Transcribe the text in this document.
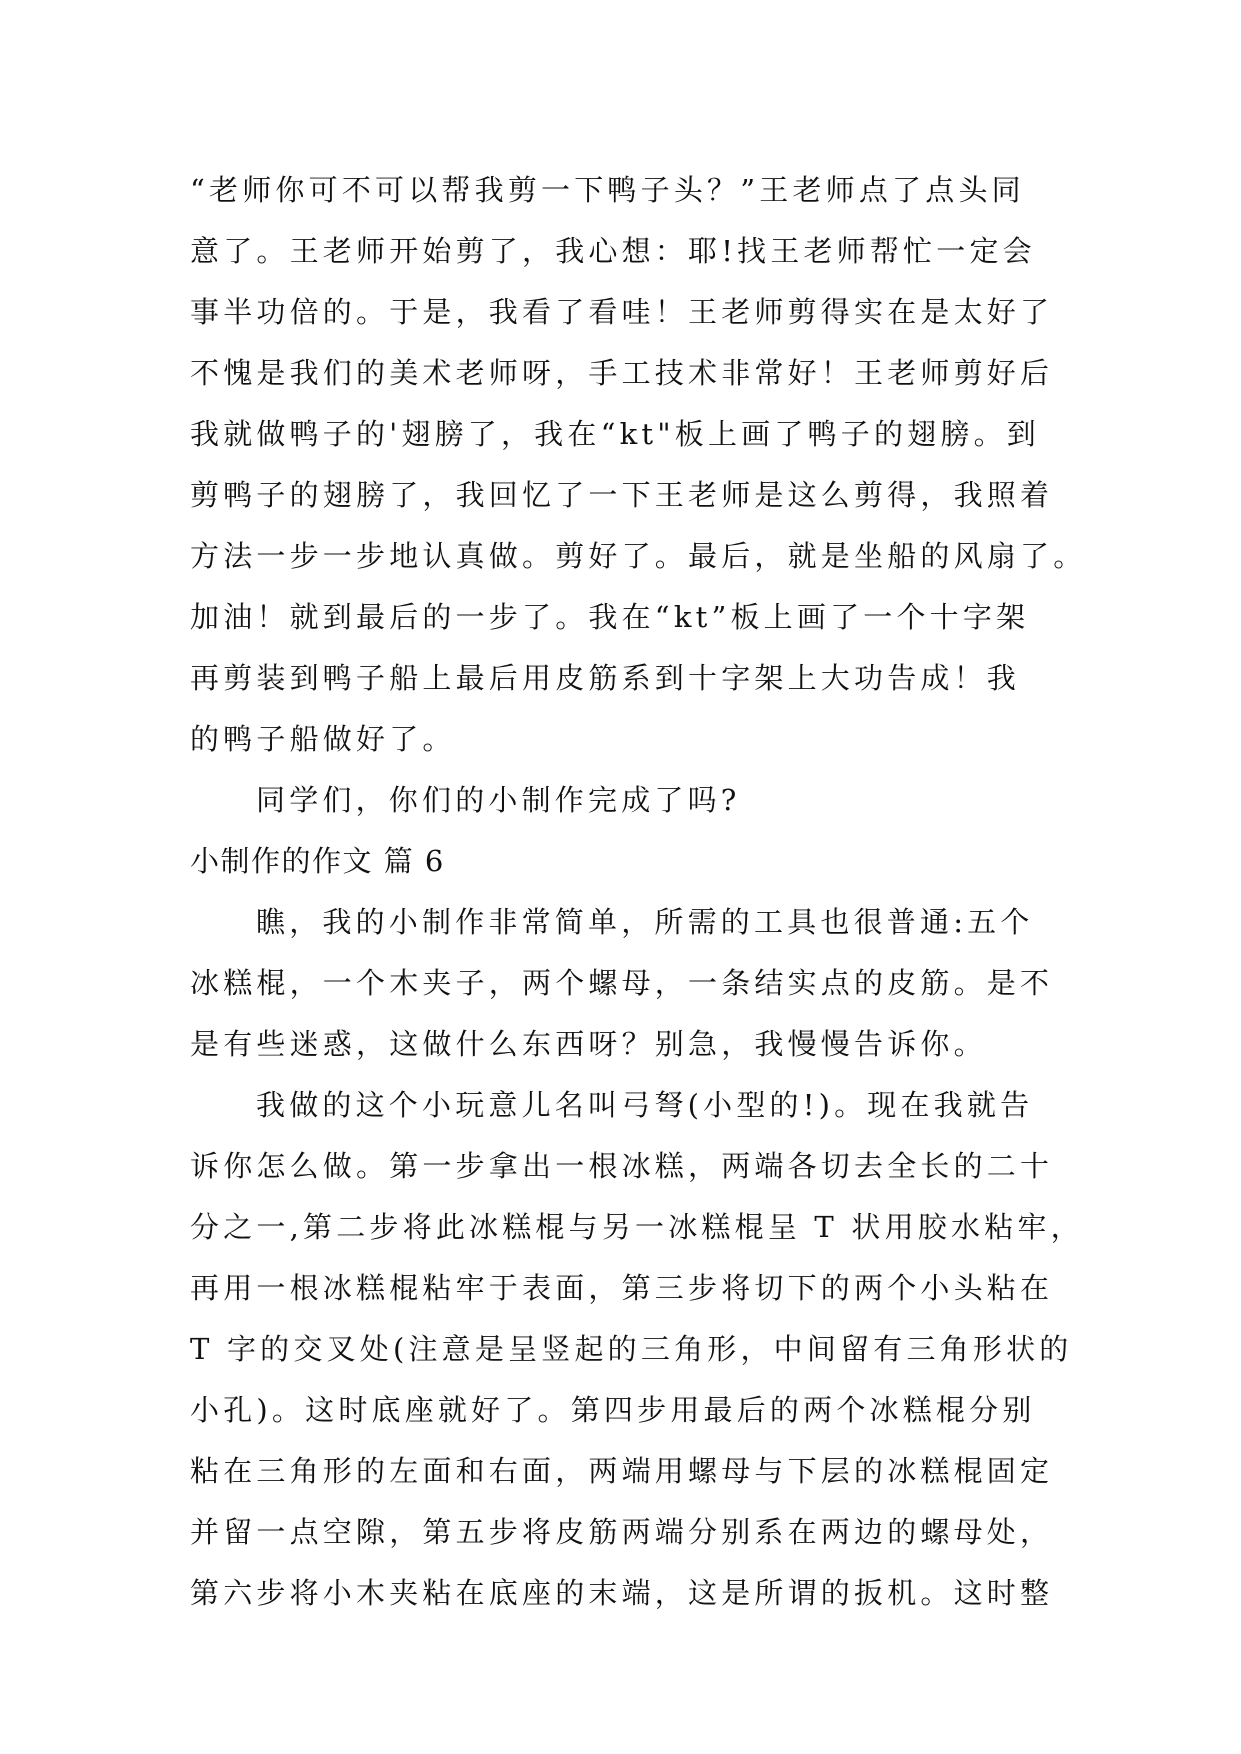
“老师你可不可以帮我剪一下鸭子头？”王老师点了点头同
意了。王老师开始剪了，我心想：耶!找王老师帮忙一定会
事半功倍的。于是，我看了看哇！王老师剪得实在是太好了
不愧是我们的美术老师呀，手工技术非常好！王老师剪好后
我就做鸭子的'翅膀了，我在“kt"板上画了鸭子的翅膀。到
剪鸭子的翅膀了，我回忆了一下王老师是这么剪得，我照着
方法一步一步地认真做。剪好了。最后，就是坐船的风扇了。
加油！就到最后的一步了。我在“kt”板上画了一个十字架
再剪装到鸭子船上最后用皮筋系到十字架上大功告成！我
的鸭子船做好了。
同学们，你们的小制作完成了吗?
小制作的作文 篇 6
瞧，我的小制作非常简单，所需的工具也很普通:五个
冰糕棍，一个木夹子，两个螺母，一条结实点的皮筋。是不
是有些迷惑，这做什么东西呀？别急，我慢慢告诉你。
我做的这个小玩意儿名叫弓弩(小型的!)。现在我就告
诉你怎么做。第一步拿出一根冰糕，两端各切去全长的二十
分之一,第二步将此冰糕棍与另一冰糕棍呈 T 状用胶水粘牢，
再用一根冰糕棍粘牢于表面，第三步将切下的两个小头粘在
T 字的交叉处(注意是呈竖起的三角形，中间留有三角形状的
小孔)。这时底座就好了。第四步用最后的两个冰糕棍分别
粘在三角形的左面和右面，两端用螺母与下层的冰糕棍固定
并留一点空隙，第五步将皮筋两端分别系在两边的螺母处，
第六步将小木夹粘在底座的末端，这是所谓的扳机。这时整
